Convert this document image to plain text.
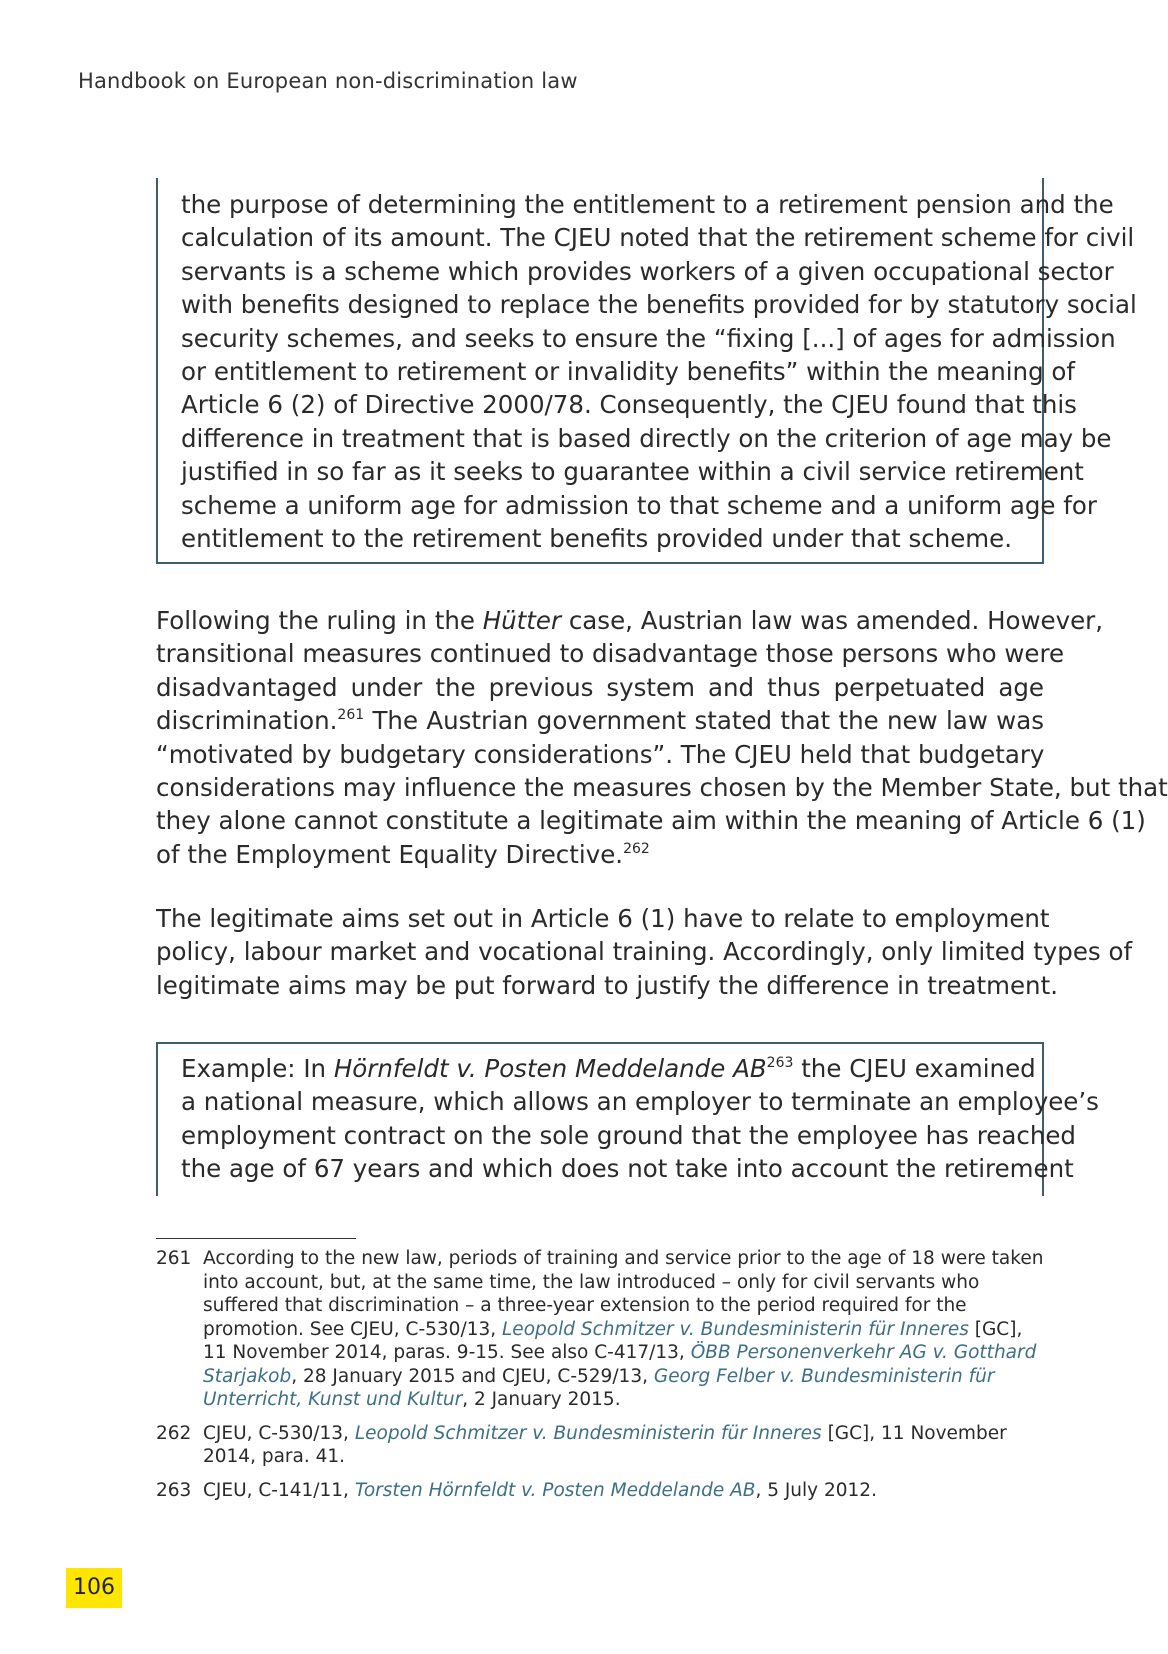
Handbook on European non-discrimination law
the purpose of determining the entitlement to a retirement pension and the
calculation of its amount. The CJEU noted that the retirement scheme for civil
servants is a scheme which provides workers of a given occupational sector
with benefits designed to replace the benefits provided for by statutory social
security schemes, and seeks to ensure the “fixing [...] of ages for admission
or entitlement to retirement or invalidity benefits” within the meaning of
Article 6 (2) of Directive 2000/78. Consequently, the CJEU found that this
difference in treatment that is based directly on the criterion of age may be
justified in so far as it seeks to guarantee within a civil service retirement
scheme a uniform age for admission to that scheme and a uniform age for
entitlement to the retirement benefits provided under that scheme.
Following the ruling in the Hütter case, Austrian law was amended. However,
transitional measures continued to disadvantage those persons who were
disadvantaged under the previous system and thus perpetuated age
discrimination.$^{261}$ The Austrian government stated that the new law was
“motivated by budgetary considerations”. The CJEU held that budgetary
considerations may influence the measures chosen by the Member State, but that
they alone cannot constitute a legitimate aim within the meaning of Article 6 (1)
of the Employment Equality Directive.$^{262}$
The legitimate aims set out in Article 6 (1) have to relate to employment
policy, labour market and vocational training. Accordingly, only limited types of
legitimate aims may be put forward to justify the difference in treatment.
Example: In Hörnfeldt v. Posten Meddelande AB$^{263}$ the CJEU examined
a national measure, which allows an employer to terminate an employee’s
employment contract on the sole ground that the employee has reached
the age of 67 years and which does not take into account the retirement
261 According to the new law, periods of training and service prior to the age of 18 were taken into account, but, at the same time, the law introduced – only for civil servants who suffered that discrimination – a three-year extension to the period required for the promotion. See CJEU, C-530/13, Leopold Schmitzer v. Bundesministerin für Inneres [GC], 11 November 2014, paras. 9-15. See also C-417/13, ÖBB Personenverkehr AG v. Gotthard Starjakob, 28 January 2015 and CJEU, C-529/13, Georg Felber v. Bundesministerin für Unterricht, Kunst und Kultur, 2 January 2015.
262 CJEU, C-530/13, Leopold Schmitzer v. Bundesministerin für Inneres [GC], 11 November 2014, para. 41.
263 CJEU, C-141/11, Torsten Hörnfeldt v. Posten Meddelande AB, 5 July 2012.
106
